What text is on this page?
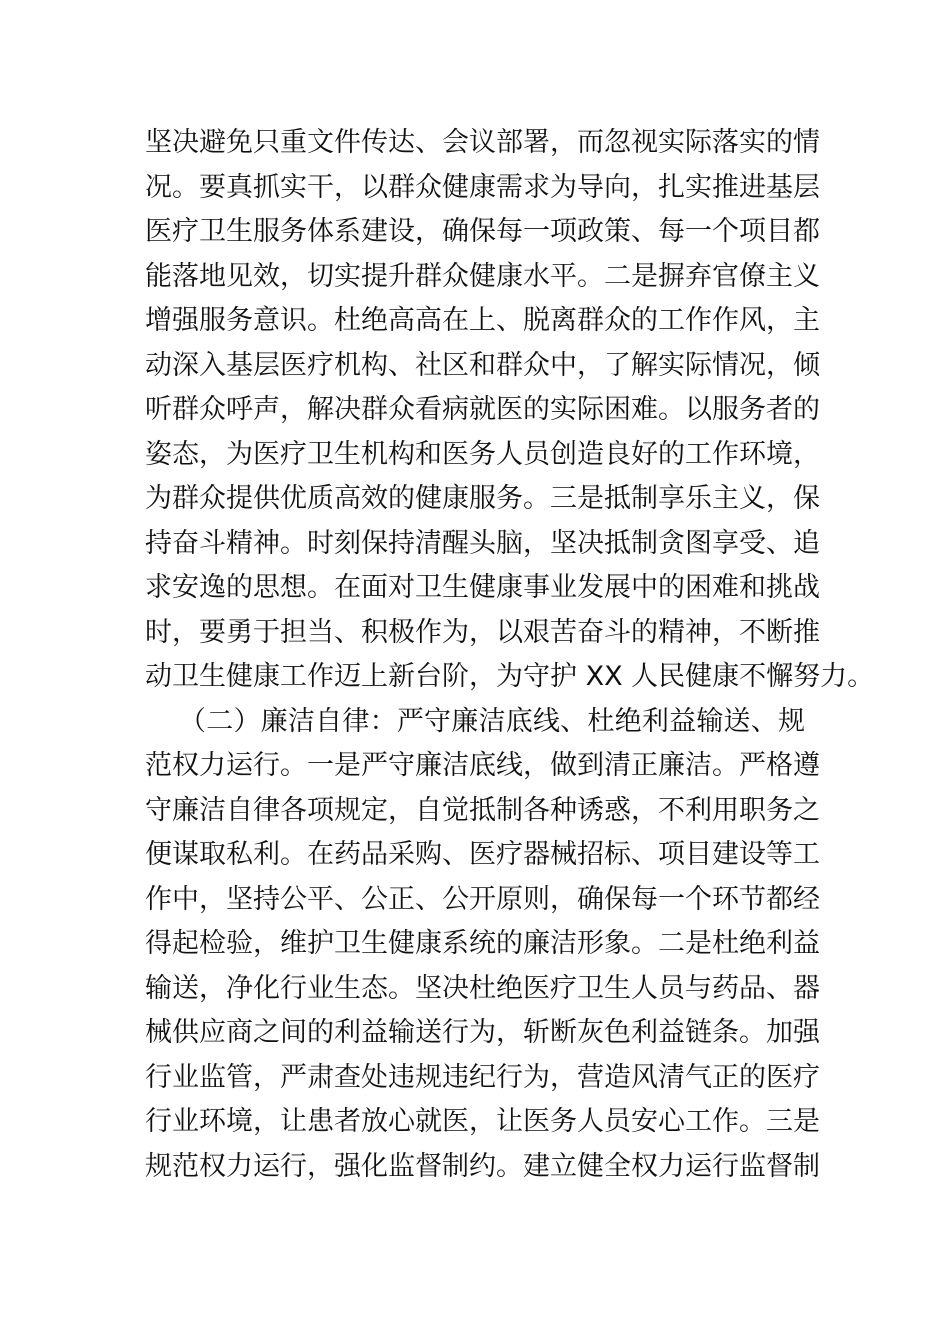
坚决避免只重文件传达、会议部署，而忽视实际落实的情
况。要真抓实干，以群众健康需求为导向，扎实推进基层
医疗卫生服务体系建设，确保每一项政策、每一个项目都
能落地见效，切实提升群众健康水平。二是摒弃官僚主义
增强服务意识。杜绝高高在上、脱离群众的工作作风，主
动深入基层医疗机构、社区和群众中，了解实际情况，倾
听群众呼声，解决群众看病就医的实际困难。以服务者的
姿态，为医疗卫生机构和医务人员创造良好的工作环境，
为群众提供优质高效的健康服务。三是抵制享乐主义，保
持奋斗精神。时刻保持清醒头脑，坚决抵制贪图享受、追
求安逸的思想。在面对卫生健康事业发展中的困难和挑战
时，要勇于担当、积极作为，以艰苦奋斗的精神，不断推
动卫生健康工作迈上新台阶，为守护 XX 人民健康不懈努力。
（二）廉洁自律：严守廉洁底线、杜绝利益输送、规
范权力运行。一是严守廉洁底线，做到清正廉洁。严格遵
守廉洁自律各项规定，自觉抵制各种诱惑，不利用职务之
便谋取私利。在药品采购、医疗器械招标、项目建设等工
作中，坚持公平、公正、公开原则，确保每一个环节都经
得起检验，维护卫生健康系统的廉洁形象。二是杜绝利益
输送，净化行业生态。坚决杜绝医疗卫生人员与药品、器
械供应商之间的利益输送行为，斩断灰色利益链条。加强
行业监管，严肃查处违规违纪行为，营造风清气正的医疗
行业环境，让患者放心就医，让医务人员安心工作。三是
规范权力运行，强化监督制约。建立健全权力运行监督制
